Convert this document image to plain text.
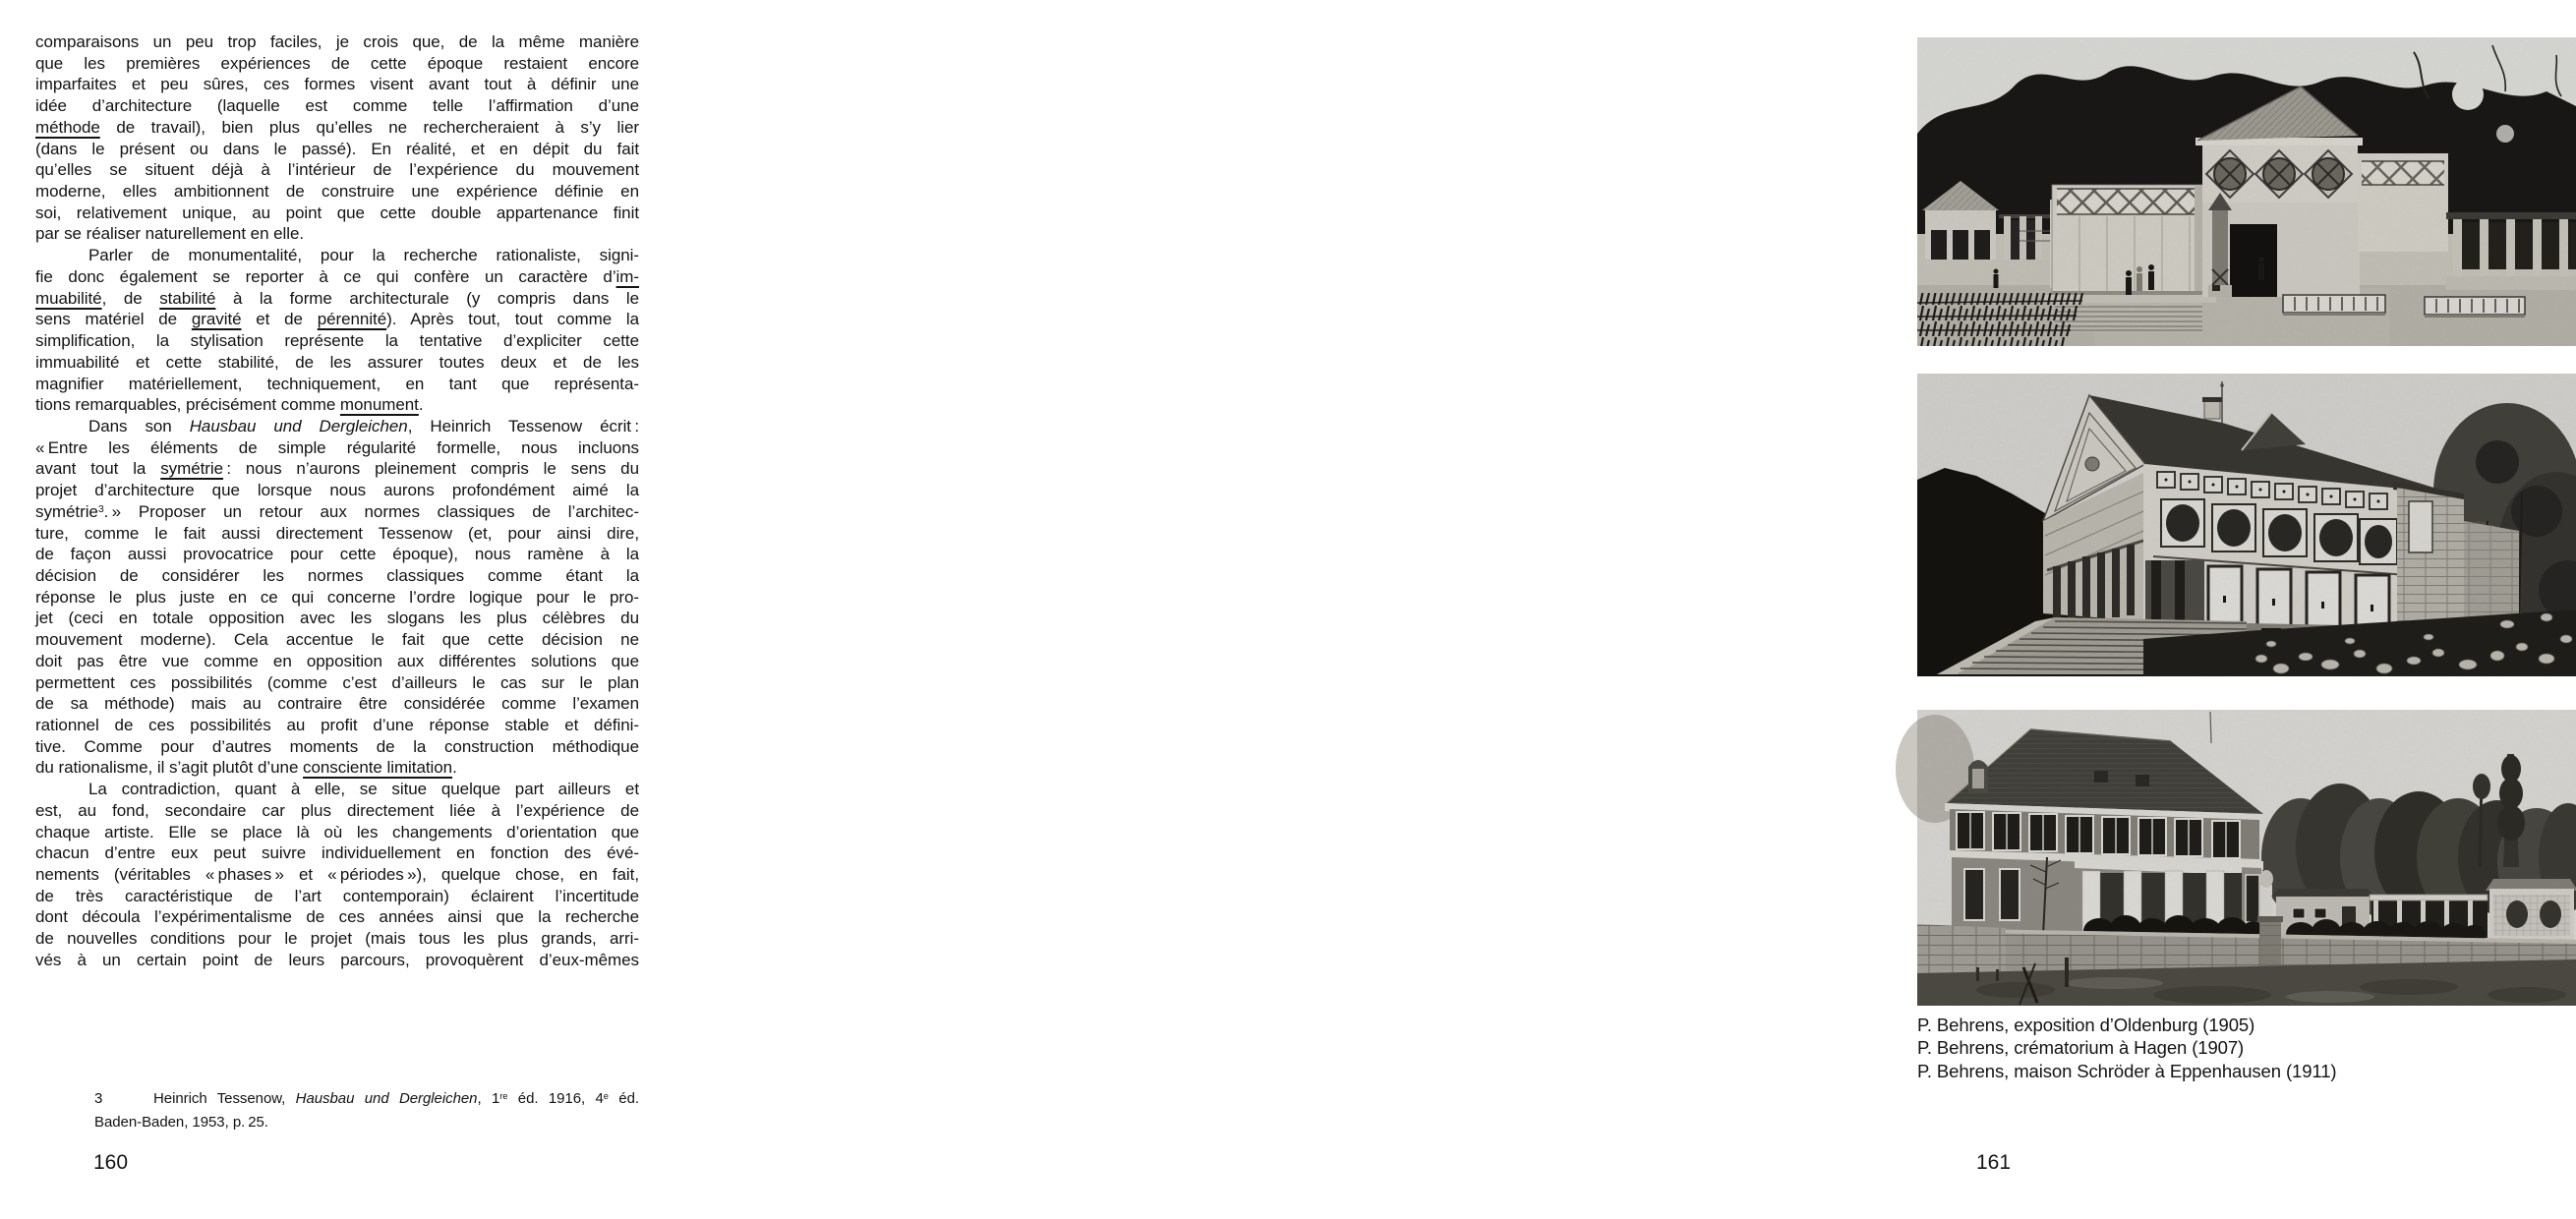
comparaisons un peu trop faciles, je crois que, de la même manière
que les premières expériences de cette époque restaient encore
imparfaites et peu sûres, ces formes visent avant tout à définir une
idée d’architecture (laquelle est comme telle l’affirmation d’une
méthode de travail), bien plus qu’elles ne rechercheraient à s’y lier
(dans le présent ou dans le passé). En réalité, et en dépit du fait
qu’elles se situent déjà à l’intérieur de l’expérience du mouvement
moderne, elles ambitionnent de construire une expérience définie en
soi, relativement unique, au point que cette double appartenance finit
par se réaliser naturellement en elle.
Parler de monumentalité, pour la recherche rationaliste, signi-
fie donc également se reporter à ce qui confère un caractère d’im-
muabilité, de stabilité à la forme architecturale (y compris dans le
sens matériel de gravité et de pérennité). Après tout, tout comme la
simplification, la stylisation représente la tentative d’expliciter cette
immuabilité et cette stabilité, de les assurer toutes deux et de les
magnifier matériellement, techniquement, en tant que représenta-
tions remarquables, précisément comme monument.
Dans son Hausbau und Dergleichen, Heinrich Tessenow écrit :
« Entre les éléments de simple régularité formelle, nous incluons
avant tout la symétrie : nous n’aurons pleinement compris le sens du
projet d’architecture que lorsque nous aurons profondément aimé la
symétrie$^3$. » Proposer un retour aux normes classiques de l’architec-
ture, comme le fait aussi directement Tessenow (et, pour ainsi dire,
de façon aussi provocatrice pour cette époque), nous ramène à la
décision de considérer les normes classiques comme étant la
réponse le plus juste en ce qui concerne l’ordre logique pour le pro-
jet (ceci en totale opposition avec les slogans les plus célèbres du
mouvement moderne). Cela accentue le fait que cette décision ne
doit pas être vue comme en opposition aux différentes solutions que
permettent ces possibilités (comme c’est d’ailleurs le cas sur le plan
de sa méthode) mais au contraire être considérée comme l’examen
rationnel de ces possibilités au profit d’une réponse stable et défini-
tive. Comme pour d’autres moments de la construction méthodique
du rationalisme, il s’agit plutôt d’une consciente limitation.
La contradiction, quant à elle, se situe quelque part ailleurs et
est, au fond, secondaire car plus directement liée à l’expérience de
chaque artiste. Elle se place là où les changements d’orientation que
chacun d’entre eux peut suivre individuellement en fonction des évé-
nements (véritables « phases » et « périodes »), quelque chose, en fait,
de très caractéristique de l’art contemporain) éclairent l’incertitude
dont découla l’expérimentalisme de ces années ainsi que la recherche
de nouvelles conditions pour le projet (mais tous les plus grands, arri-
vés à un certain point de leurs parcours, provoquèrent d’eux-mêmes
3	Heinrich Tessenow, Hausbau und Dergleichen, 1re éd. 1916, 4e éd.
Baden-Baden, 1953, p. 25.
160
P. Behrens, exposition d’Oldenburg (1905)
P. Behrens, crématorium à Hagen (1907)
P. Behrens, maison Schröder à Eppenhausen (1911)
161
